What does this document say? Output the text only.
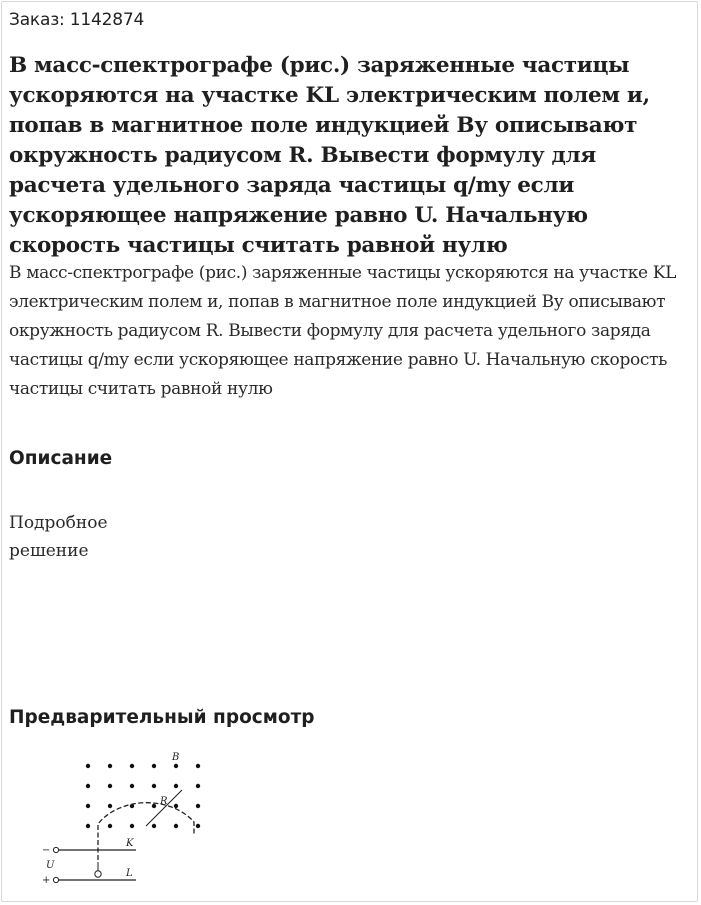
Заказ: 1142874
В масс-спектрографе (рис.) заряженные частицы ускоряются на участке KL электрическим полем и, попав в магнитное поле индукцией Ву описывают окружность радиусом R. Вывести формулу для расчета удельного заряда частицы q/my если ускоряющее напряжение равно U. Начальную скорость частицы считать равной нулю

В масс-спектрографе (рис.) заряженные частицы ускоряются на участке KL электрическим полем и, попав в магнитное поле индукцией Ву описывают окружность радиусом R. Вывести формулу для расчета удельного заряда частицы q/my если ускоряющее напряжение равно U. Начальную скорость частицы считать равной нулю

Описание

Подробное решение

Предварительный просмотр
B
R
K
L
U
−
+
